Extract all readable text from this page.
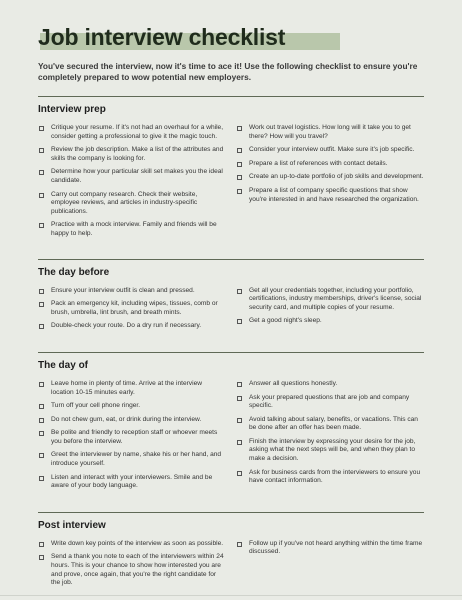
Job interview checklist

You've secured the interview, now it's time to ace it! Use the following checklist to ensure you're completely prepared to wow potential new employers.

Interview prep
Critique your resume. If it's not had an overhaul for a while, consider getting a professional to give it the magic touch.
Review the job description. Make a list of the attributes and skills the company is looking for.
Determine how your particular skill set makes you the ideal candidate.
Carry out company research. Check their website, employee reviews, and articles in industry-specific publications.
Practice with a mock interview. Family and friends will be happy to help.
Work out travel logistics. How long will it take you to get there? How will you travel?
Consider your interview outfit. Make sure it's job specific.
Prepare a list of references with contact details.
Create an up-to-date portfolio of job skills and development.
Prepare a list of company specific questions that show you're interested in and have researched the organization.
The day before
Ensure your interview outfit is clean and pressed.
Pack an emergency kit, including wipes, tissues, comb or brush, umbrella, lint brush, and breath mints.
Double-check your route. Do a dry run if necessary.
Get all your credentials together, including your portfolio, certifications, industry memberships, driver's license, social security card, and multiple copies of your resume.
Get a good night's sleep.
The day of
Leave home in plenty of time. Arrive at the interview location 10-15 minutes early.
Turn off your cell phone ringer.
Do not chew gum, eat, or drink during the interview.
Be polite and friendly to reception staff or whoever meets you before the interview.
Greet the interviewer by name, shake his or her hand, and introduce yourself.
Listen and interact with your interviewers. Smile and be aware of your body language.
Answer all questions honestly.
Ask your prepared questions that are job and company specific.
Avoid talking about salary, benefits, or vacations. This can be done after an offer has been made.
Finish the interview by expressing your desire for the job, asking what the next steps will be, and when they plan to make a decision.
Ask for business cards from the interviewers to ensure you have contact information.
Post interview
Write down key points of the interview as soon as possible.
Send a thank you note to each of the interviewers within 24 hours. This is your chance to show how interested you are and prove, once again, that you're the right candidate for the job.
Follow up if you've not heard anything within the time frame discussed.
